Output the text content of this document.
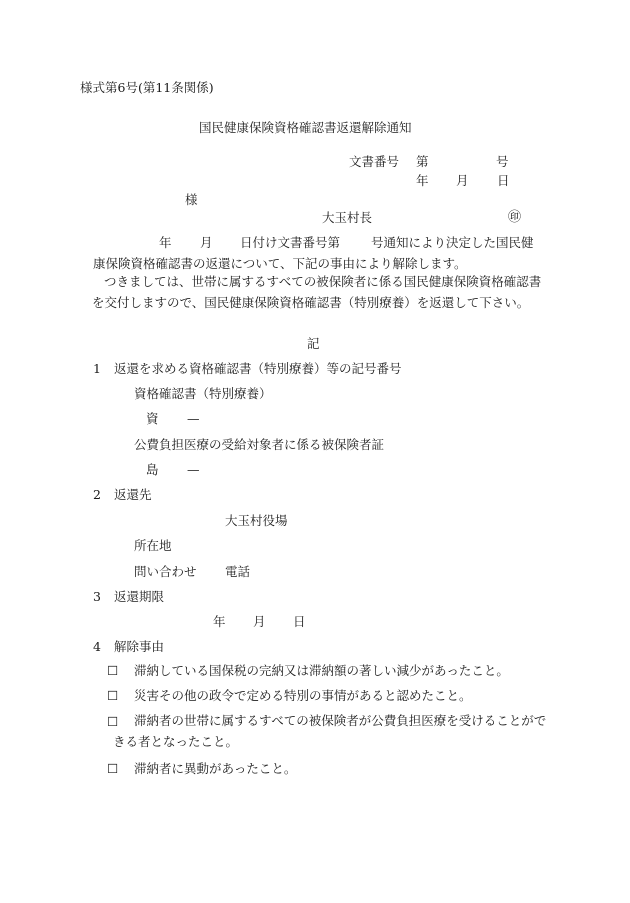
様式第6号(第11条関係)
国民健康保険資格確認書返還解除通知
文書番号 第	号
年 月 日
様
大玉村長	㊞
年 月 日付け文書番号第 号通知により決定した国民健
康保険資格確認書の返還について、下記の事由により解除します。
つきましては、世帯に属するすべての被保険者に係る国民健康保険資格確認書を交付しますので、国民健康保険資格確認書（特別療養）を返還して下さい。
記
1 返還を求める資格確認書（特別療養）等の記号番号
資格確認書（特別療養）
資 —
公費負担医療の受給対象者に係る被保険者証
島 —
2 返還先
大玉村役場
所在地
問い合わせ 電話
3 返還期限
年 月 日
4 解除事由
☐ 滞納している国保税の完納又は滞納額の著しい減少があったこと。
☐ 災害その他の政令で定める特別の事情があると認めたこと。
☐	滞納者の世帯に属するすべての被保険者が公費負担医療を受けることができる者となったこと。
☐ 滞納者に異動があったこと。
